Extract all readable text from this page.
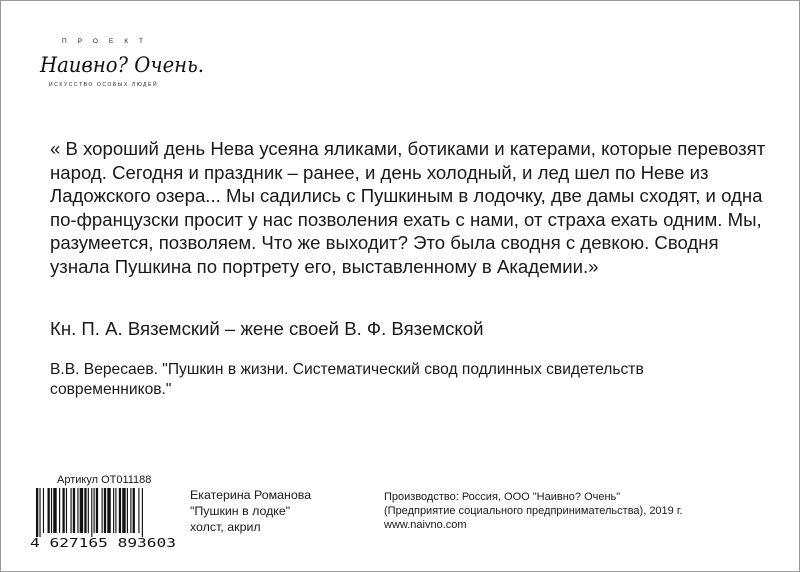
ПРОЕКТ
Наивно? Очень.
ИСКУССТВО ОСОБЫХ ЛЮДЕЙ

« В хороший день Нева усеяна яликами, ботиками и катерами, которые перевозят народ. Сегодня и праздник – ранее, и день холодный, и лед шел по Неве из Ладожского озера... Мы садились с Пушкиным в лодочку, две дамы сходят, и одна по-французски просит у нас позволения ехать с нами, от страха ехать одним. Мы, разумеется, позволяем. Что же выходит? Это была сводня с девкою. Сводня узнала Пушкина по портрету его, выставленному в Академии.»

Кн. П. А. Вяземский – жене своей В. Ф. Вяземской

В.В. Вересаев. "Пушкин в жизни. Систематический свод подлинных свидетельств современников."

Артикул OT011188
4 627165 893603
Екатерина Романова
"Пушкин в лодке"
холст, акрил
Производство: Россия, ООО "Наивно? Очень"
(Предприятие социального предпринимательства), 2019 г.
www.naivno.com
